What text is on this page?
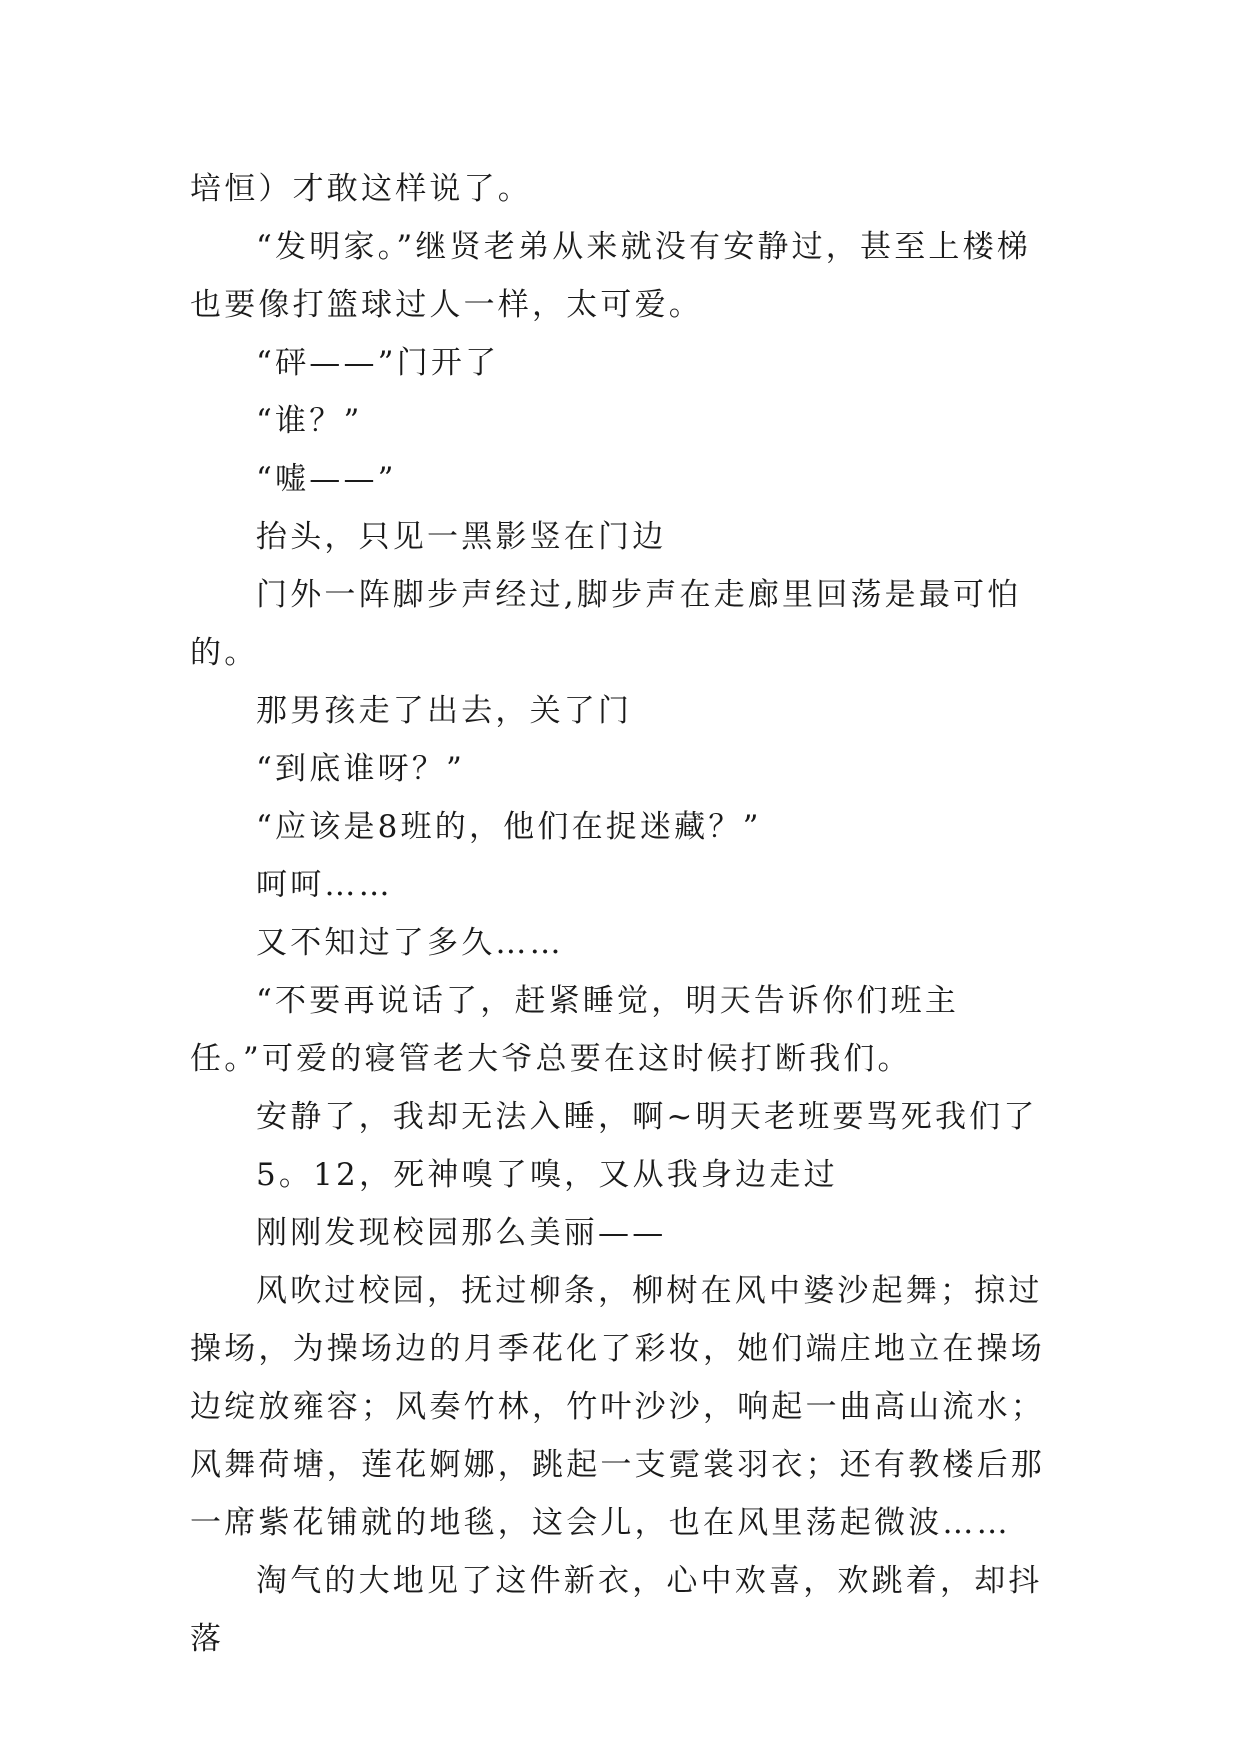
培恒）才敢这样说了。

“发明家。”继贤老弟从来就没有安静过，甚至上楼梯也要像打篮球过人一样，太可爱。

“砰——”门开了

“谁？”

“嘘——”

抬头，只见一黑影竖在门边

门外一阵脚步声经过,脚步声在走廊里回荡是最可怕的。

那男孩走了出去，关了门

“到底谁呀？”

“应该是8班的，他们在捉迷藏？”

呵呵……

又不知过了多久……

“不要再说话了，赶紧睡觉，明天告诉你们班主任。”可爱的寝管老大爷总要在这时候打断我们。

安静了，我却无法入睡，啊~明天老班要骂死我们了

5。12，死神嗅了嗅，又从我身边走过

刚刚发现校园那么美丽——

风吹过校园，抚过柳条，柳树在风中婆沙起舞；掠过操场，为操场边的月季花化了彩妆，她们端庄地立在操场边绽放雍容；风奏竹林，竹叶沙沙，响起一曲高山流水；风舞荷塘，莲花婀娜，跳起一支霓裳羽衣；还有教楼后那一席紫花铺就的地毯，这会儿，也在风里荡起微波……

淘气的大地见了这件新衣，心中欢喜，欢跳着，却抖落
